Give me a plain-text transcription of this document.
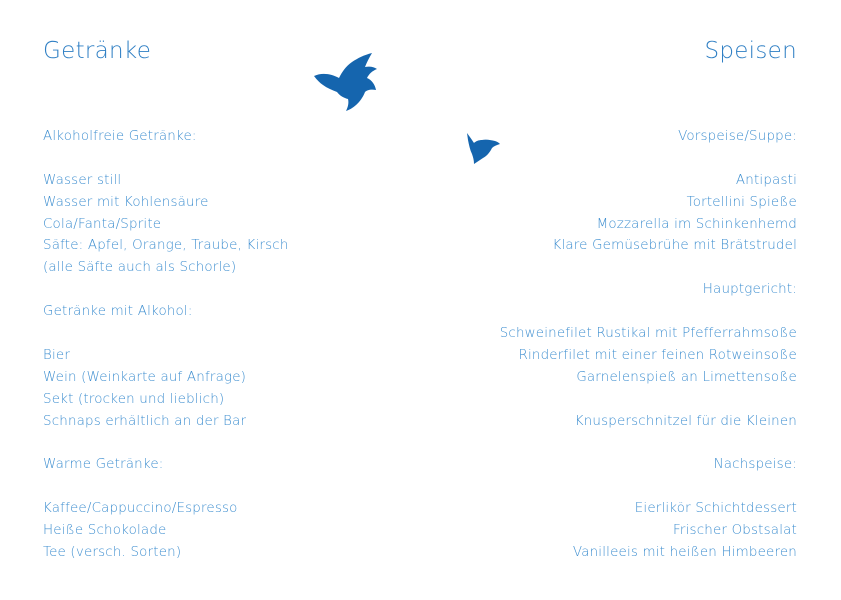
Getränke	Speisen
Alkoholfreie Getränke:
Wasser still
Wasser mit Kohlensäure
Cola/Fanta/Sprite
Säfte: Apfel, Orange, Traube, Kirsch
(alle Säfte auch als Schorle)
Getränke mit Alkohol:
Bier
Wein (Weinkarte auf Anfrage)
Sekt (trocken und lieblich)
Schnaps erhältlich an der Bar
Warme Getränke:
Kaffee/Cappuccino/Espresso
Heiße Schokolade
Tee (versch. Sorten)
Vorspeise/Suppe:
Antipasti
Tortellini Spieße
Mozzarella im Schinkenhemd
Klare Gemüsebrühe mit Brätstrudel
Hauptgericht:
Schweinefilet Rustikal mit Pfefferrahmsoße
Rinderfilet mit einer feinen Rotweinsoße
Garnelenspieß an Limettensoße
Knusperschnitzel für die Kleinen
Nachspeise:
Eierlikör Schichtdessert
Frischer Obstsalat
Vanilleeis mit heißen Himbeeren
